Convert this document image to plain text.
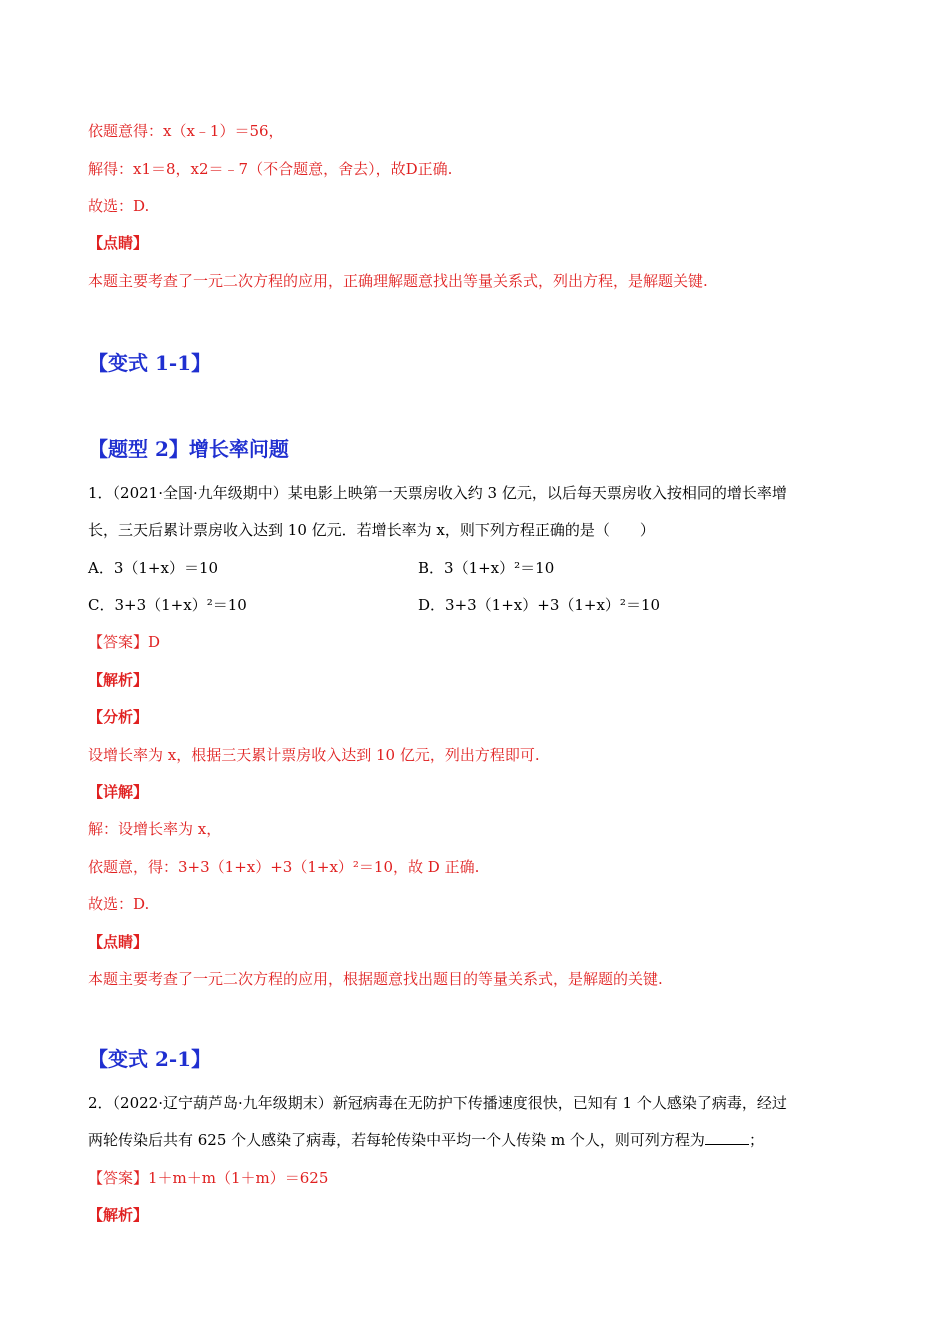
依题意得：x（x﹣1）＝56，
解得：x1＝8，x2＝﹣7（不合题意，舍去），故D正确.
故选：D.
【点睛】
本题主要考查了一元二次方程的应用，正确理解题意找出等量关系式，列出方程，是解题关键.
【变式 1-1】
【题型 2】增长率问题
1．（2021·全国·九年级期中）某电影上映第一天票房收入约 3 亿元，以后每天票房收入按相同的增长率增
长，三天后累计票房收入达到 10 亿元．若增长率为 x，则下列方程正确的是（　　）
A．3（1+x）＝10	B．3（1+x）²＝10
C．3+3（1+x）²＝10	D．3+3（1+x）+3（1+x）²＝10
【答案】D
【解析】
【分析】
设增长率为 x，根据三天累计票房收入达到 10 亿元，列出方程即可.
【详解】
解：设增长率为 x，
依题意，得：3+3（1+x）+3（1+x）²＝10，故 D 正确.
故选：D.
【点睛】
本题主要考查了一元二次方程的应用，根据题意找出题目的等量关系式，是解题的关键.
【变式 2-1】
2．（2022·辽宁葫芦岛·九年级期末）新冠病毒在无防护下传播速度很快，已知有 1 个人感染了病毒，经过
两轮传染后共有 625 个人感染了病毒，若每轮传染中平均一个人传染 m 个人，则可列方程为	；
【答案】1＋m＋m（1＋m）＝625
【解析】
